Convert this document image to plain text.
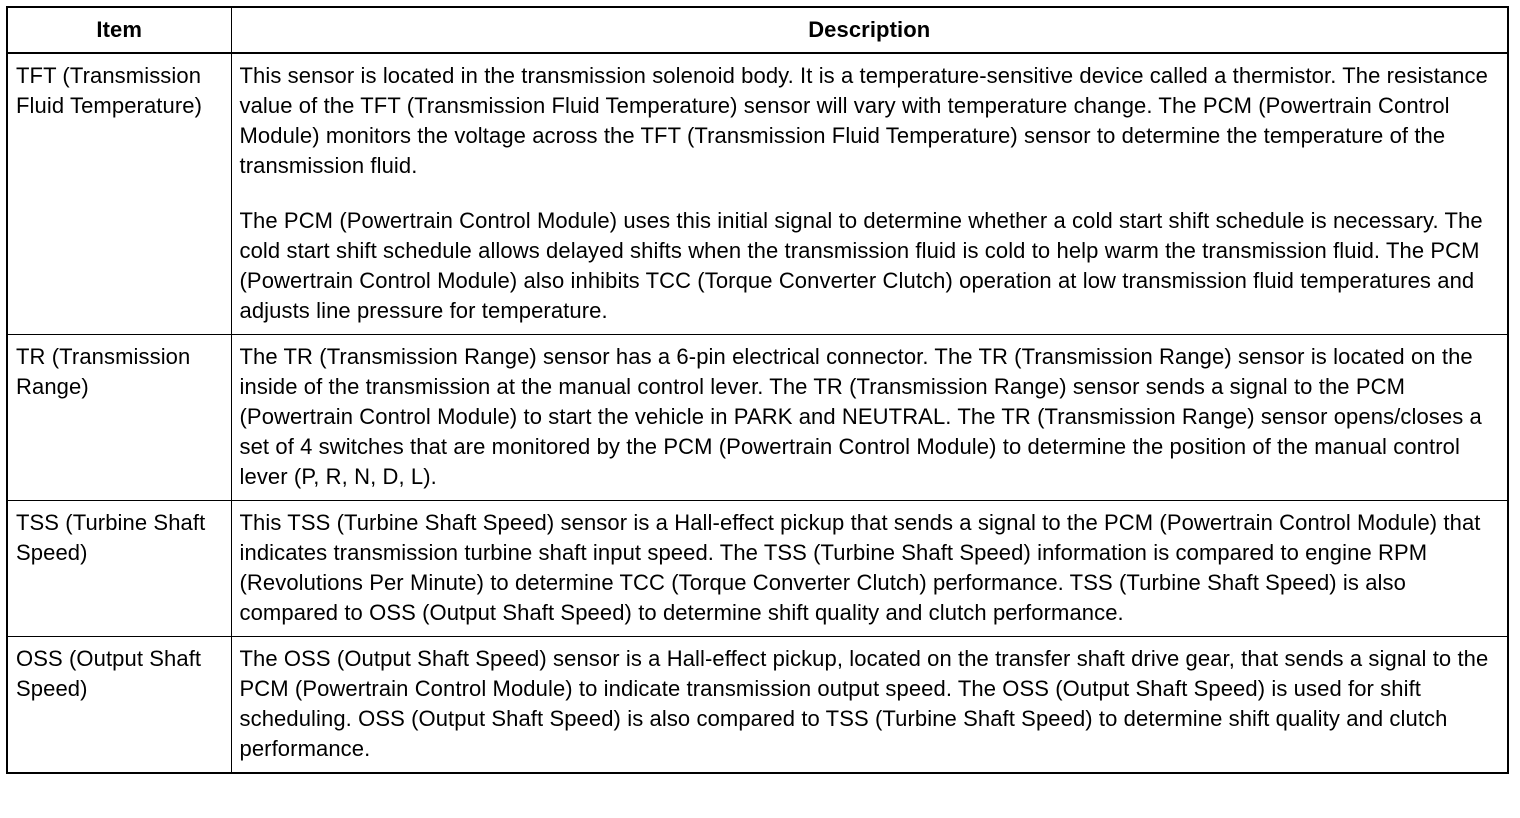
Item	Description
TFT (Transmission Fluid Temperature)	This sensor is located in the transmission solenoid body. It is a temperature-sensitive device called a thermistor. The resistance value of the TFT (Transmission Fluid Temperature) sensor will vary with temperature change. The PCM (Powertrain Control Module) monitors the voltage across the TFT (Transmission Fluid Temperature) sensor to determine the temperature of the transmission fluid.

The PCM (Powertrain Control Module) uses this initial signal to determine whether a cold start shift schedule is necessary. The cold start shift schedule allows delayed shifts when the transmission fluid is cold to help warm the transmission fluid. The PCM (Powertrain Control Module) also inhibits TCC (Torque Converter Clutch) operation at low transmission fluid temperatures and adjusts line pressure for temperature.

TR (Transmission Range)	The TR (Transmission Range) sensor has a 6-pin electrical connector. The TR (Transmission Range) sensor is located on the inside of the transmission at the manual control lever. The TR (Transmission Range) sensor sends a signal to the PCM (Powertrain Control Module) to start the vehicle in PARK and NEUTRAL. The TR (Transmission Range) sensor opens/closes a set of 4 switches that are monitored by the PCM (Powertrain Control Module) to determine the position of the manual control lever (P, R, N, D, L).

TSS (Turbine Shaft Speed)	This TSS (Turbine Shaft Speed) sensor is a Hall-effect pickup that sends a signal to the PCM (Powertrain Control Module) that indicates transmission turbine shaft input speed. The TSS (Turbine Shaft Speed) information is compared to engine RPM (Revolutions Per Minute) to determine TCC (Torque Converter Clutch) performance. TSS (Turbine Shaft Speed) is also compared to OSS (Output Shaft Speed) to determine shift quality and clutch performance.

OSS (Output Shaft Speed)	The OSS (Output Shaft Speed) sensor is a Hall-effect pickup, located on the transfer shaft drive gear, that sends a signal to the PCM (Powertrain Control Module) to indicate transmission output speed. The OSS (Output Shaft Speed) is used for shift scheduling. OSS (Output Shaft Speed) is also compared to TSS (Turbine Shaft Speed) to determine shift quality and clutch performance.
